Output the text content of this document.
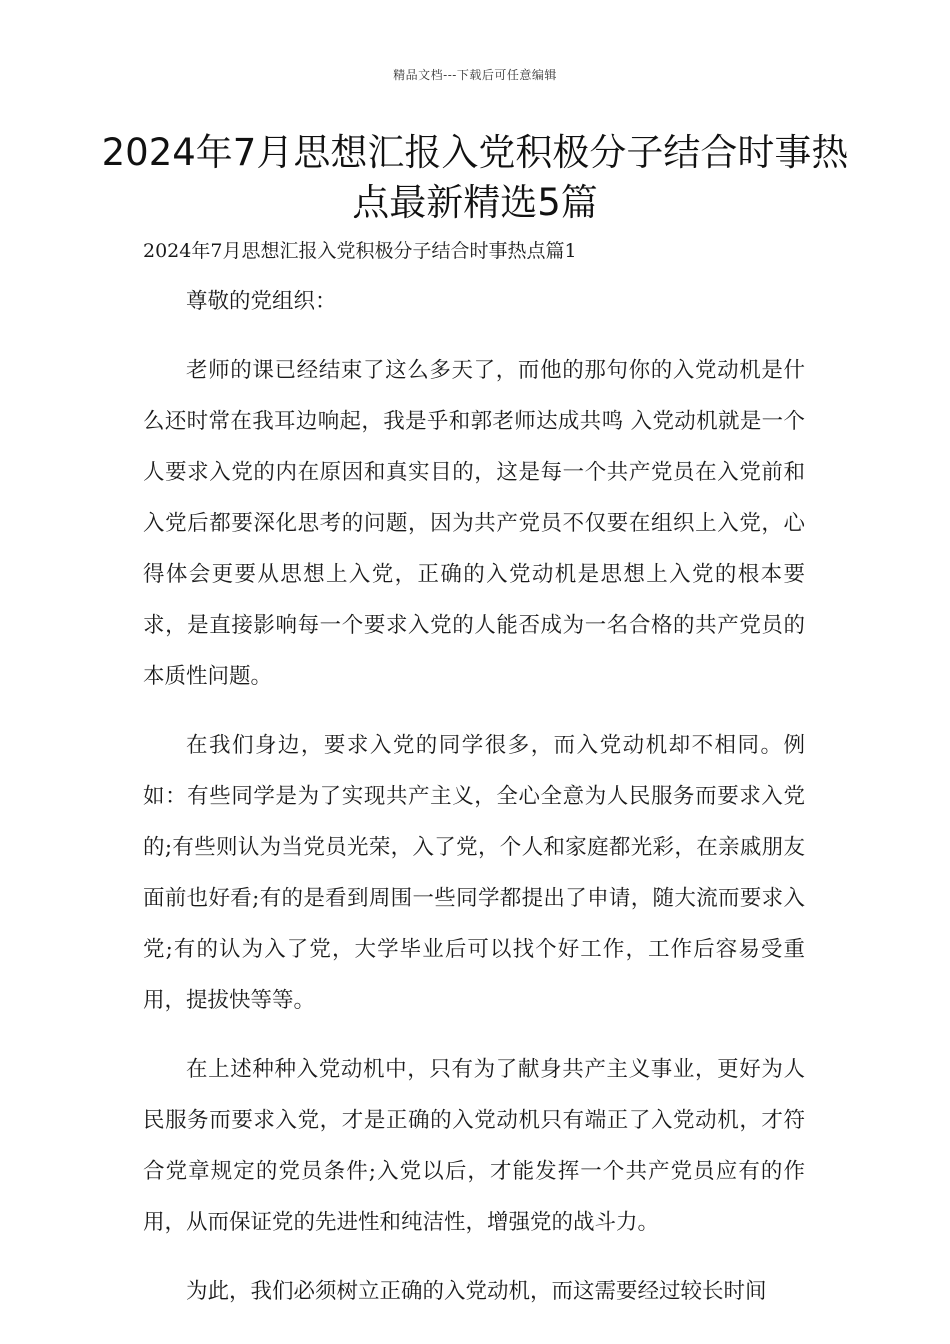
精品文档---下载后可任意编辑
2024年7月思想汇报入党积极分子结合时事热点最新精选5篇
2024年7月思想汇报入党积极分子结合时事热点篇1

尊敬的党组织：

老师的课已经结束了这么多天了，而他的那句你的入党动机是什么还时常在我耳边响起，我是乎和郭老师达成共鸣 入党动机就是一个人要求入党的内在原因和真实目的，这是每一个共产党员在入党前和入党后都要深化思考的问题，因为共产党员不仅要在组织上入党，心得体会更要从思想上入党，正确的入党动机是思想上入党的根本要求，是直接影响每一个要求入党的人能否成为一名合格的共产党员的本质性问题。

在我们身边，要求入党的同学很多，而入党动机却不相同。例如：有些同学是为了实现共产主义，全心全意为人民服务而要求入党的;有些则认为当党员光荣，入了党，个人和家庭都光彩，在亲戚朋友面前也好看;有的是看到周围一些同学都提出了申请，随大流而要求入党;有的认为入了党，大学毕业后可以找个好工作，工作后容易受重用，提拔快等等。

在上述种种入党动机中，只有为了献身共产主义事业，更好为人民服务而要求入党，才是正确的入党动机只有端正了入党动机，才符合党章规定的党员条件;入党以后，才能发挥一个共产党员应有的作用，从而保证党的先进性和纯洁性，增强党的战斗力。

为此，我们必须树立正确的入党动机，而这需要经过较长时间
